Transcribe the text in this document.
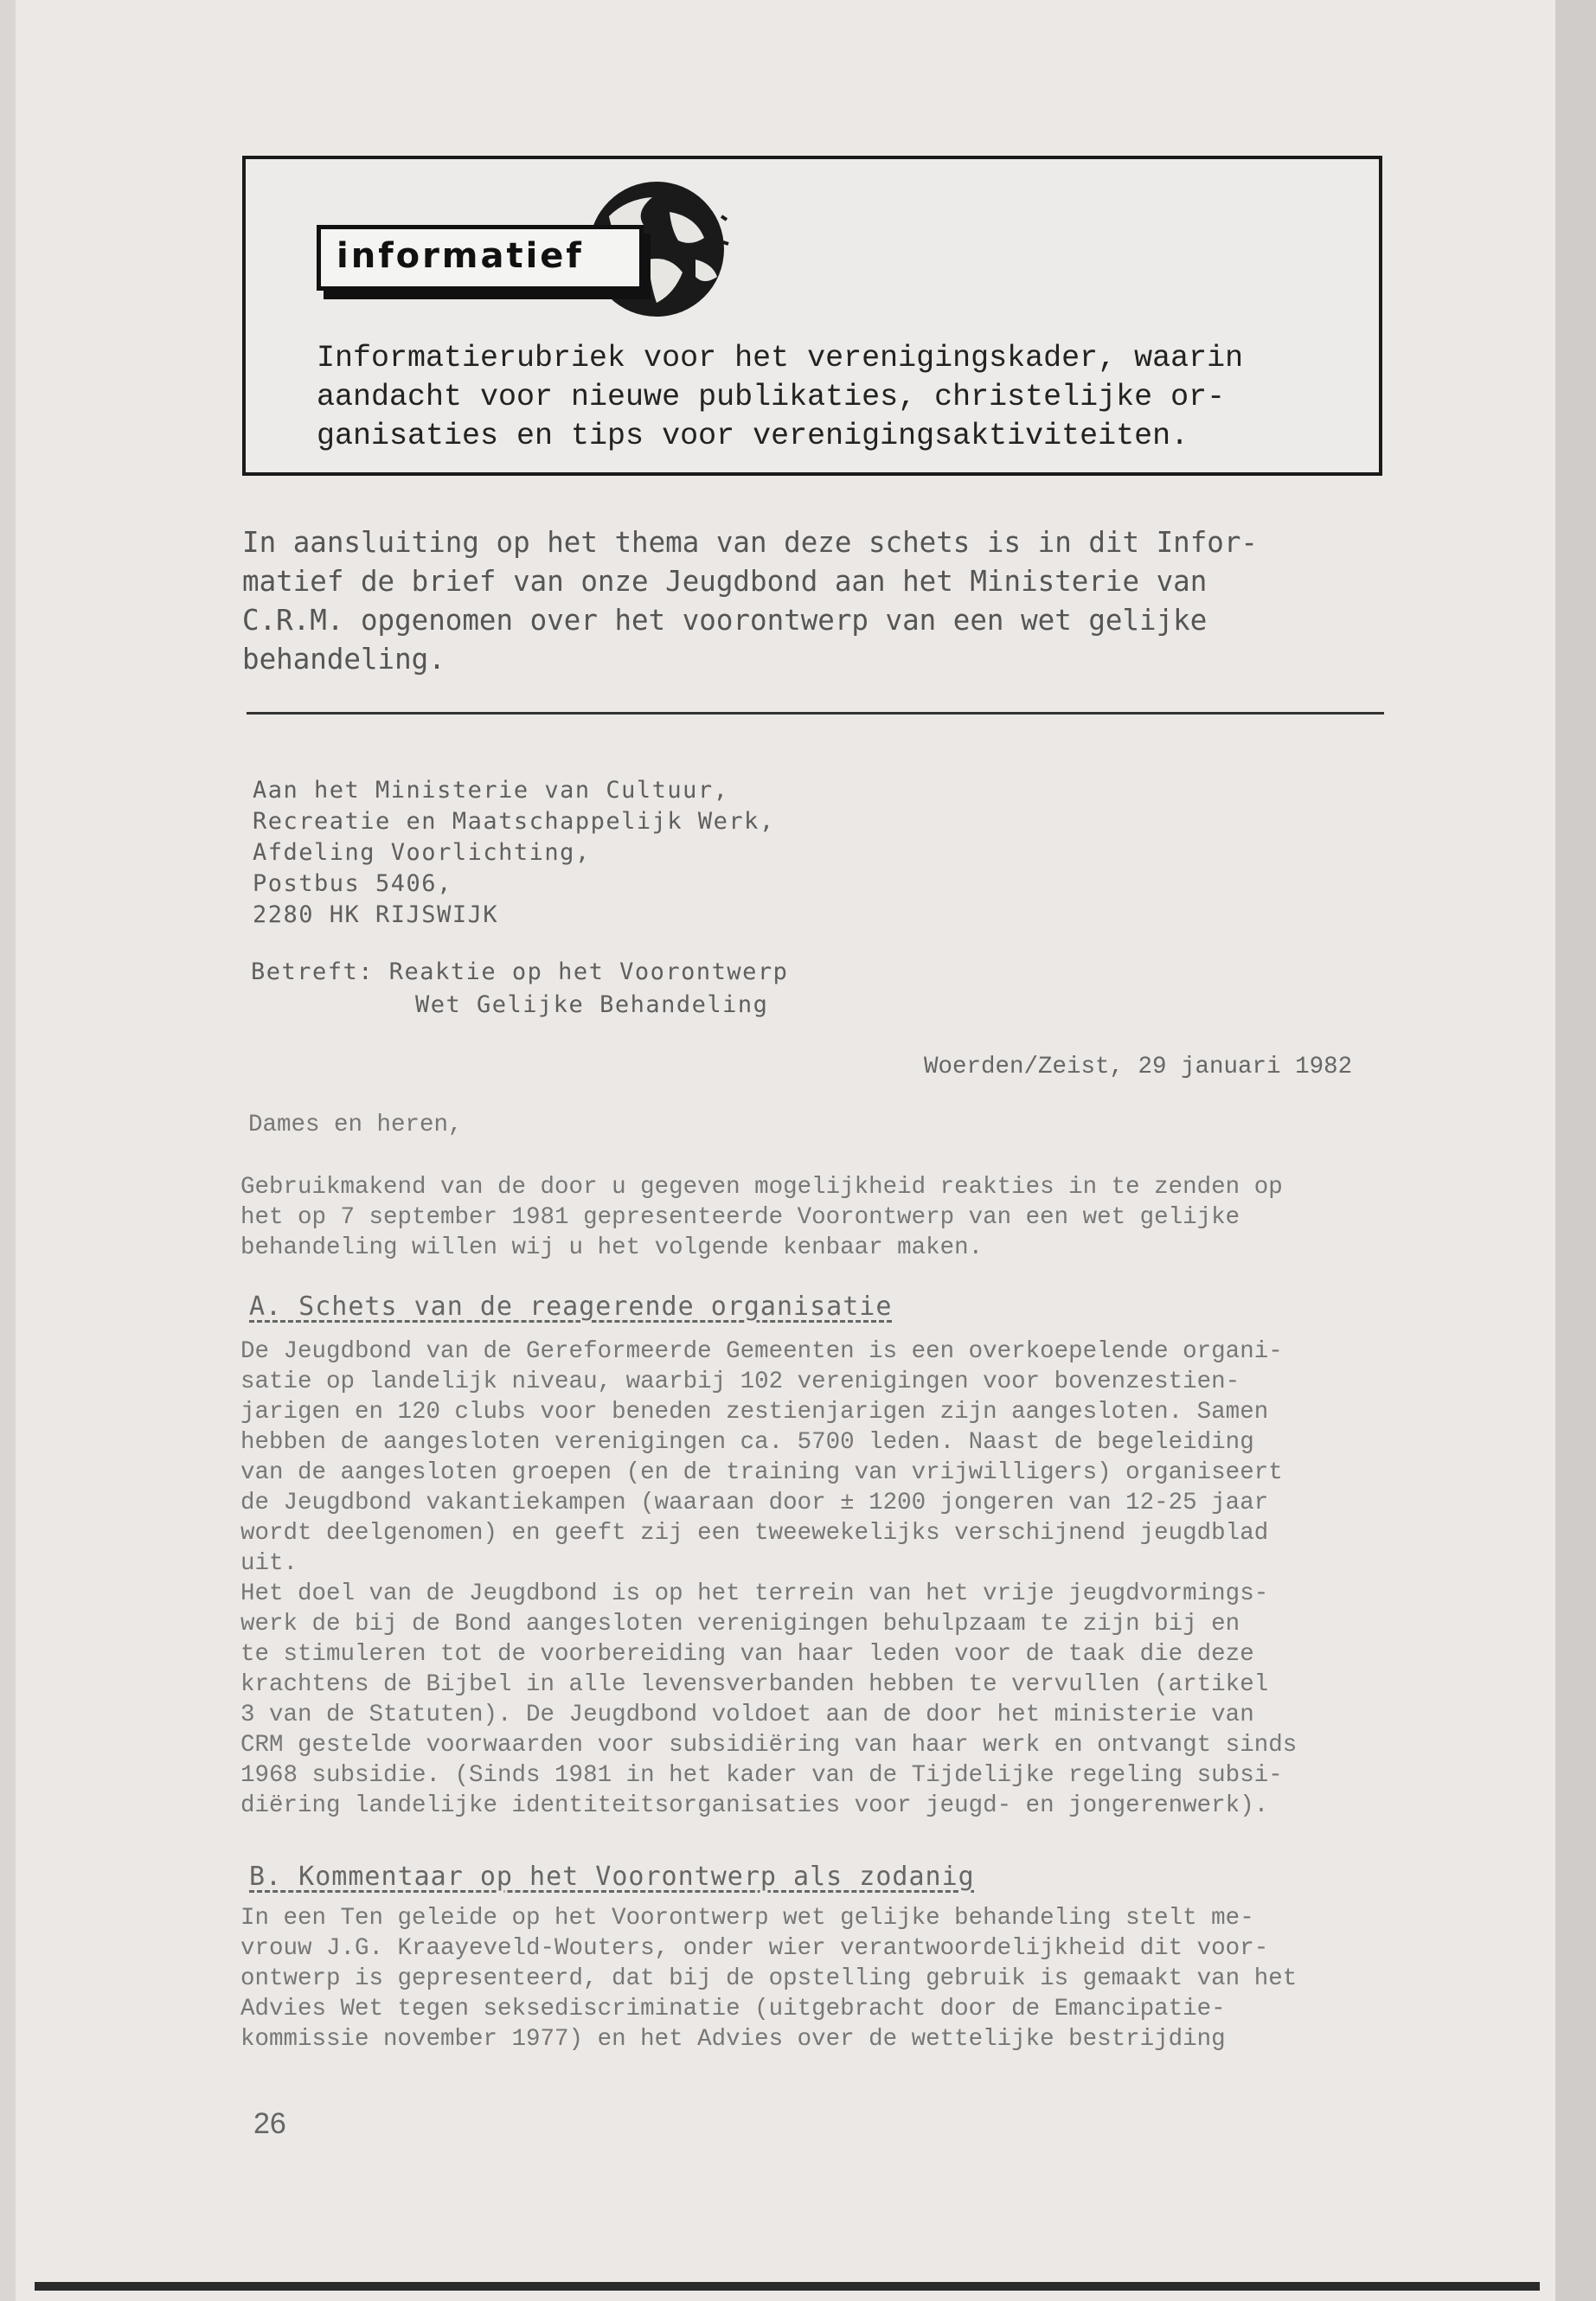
informatief
Informatierubriek voor het verenigingskader, waarin
aandacht voor nieuwe publikaties, christelijke or-
ganisaties en tips voor verenigingsaktiviteiten.
In aansluiting op het thema van deze schets is in dit Infor-
matief de brief van onze Jeugdbond aan het Ministerie van
C.R.M. opgenomen over het voorontwerp van een wet gelijke
behandeling.
Aan het Ministerie van Cultuur,
Recreatie en Maatschappelijk Werk,
Afdeling Voorlichting,
Postbus 5406,
2280 HK RIJSWIJK
Betreft: Reaktie op het Voorontwerp
Wet Gelijke Behandeling
Woerden/Zeist, 29 januari 1982
Dames en heren,
Gebruikmakend van de door u gegeven mogelijkheid reakties in te zenden op
het op 7 september 1981 gepresenteerde Voorontwerp van een wet gelijke
behandeling willen wij u het volgende kenbaar maken.
A. Schets van de reagerende organisatie
De Jeugdbond van de Gereformeerde Gemeenten is een overkoepelende organi-
satie op landelijk niveau, waarbij 102 verenigingen voor bovenzestien-
jarigen en 120 clubs voor beneden zestienjarigen zijn aangesloten. Samen
hebben de aangesloten verenigingen ca. 5700 leden. Naast de begeleiding
van de aangesloten groepen (en de training van vrijwilligers) organiseert
de Jeugdbond vakantiekampen (waaraan door ± 1200 jongeren van 12-25 jaar
wordt deelgenomen) en geeft zij een tweewekelijks verschijnend jeugdblad
uit.
Het doel van de Jeugdbond is op het terrein van het vrije jeugdvormings-
werk de bij de Bond aangesloten verenigingen behulpzaam te zijn bij en
te stimuleren tot de voorbereiding van haar leden voor de taak die deze
krachtens de Bijbel in alle levensverbanden hebben te vervullen (artikel
3 van de Statuten). De Jeugdbond voldoet aan de door het ministerie van
CRM gestelde voorwaarden voor subsidiëring van haar werk en ontvangt sinds
1968 subsidie. (Sinds 1981 in het kader van de Tijdelijke regeling subsi-
diëring landelijke identiteitsorganisaties voor jeugd- en jongerenwerk).
B. Kommentaar op het Voorontwerp als zodanig
In een Ten geleide op het Voorontwerp wet gelijke behandeling stelt me-
vrouw J.G. Kraayeveld-Wouters, onder wier verantwoordelijkheid dit voor-
ontwerp is gepresenteerd, dat bij de opstelling gebruik is gemaakt van het
Advies Wet tegen seksediscriminatie (uitgebracht door de Emancipatie-
kommissie november 1977) en het Advies over de wettelijke bestrijding
26
